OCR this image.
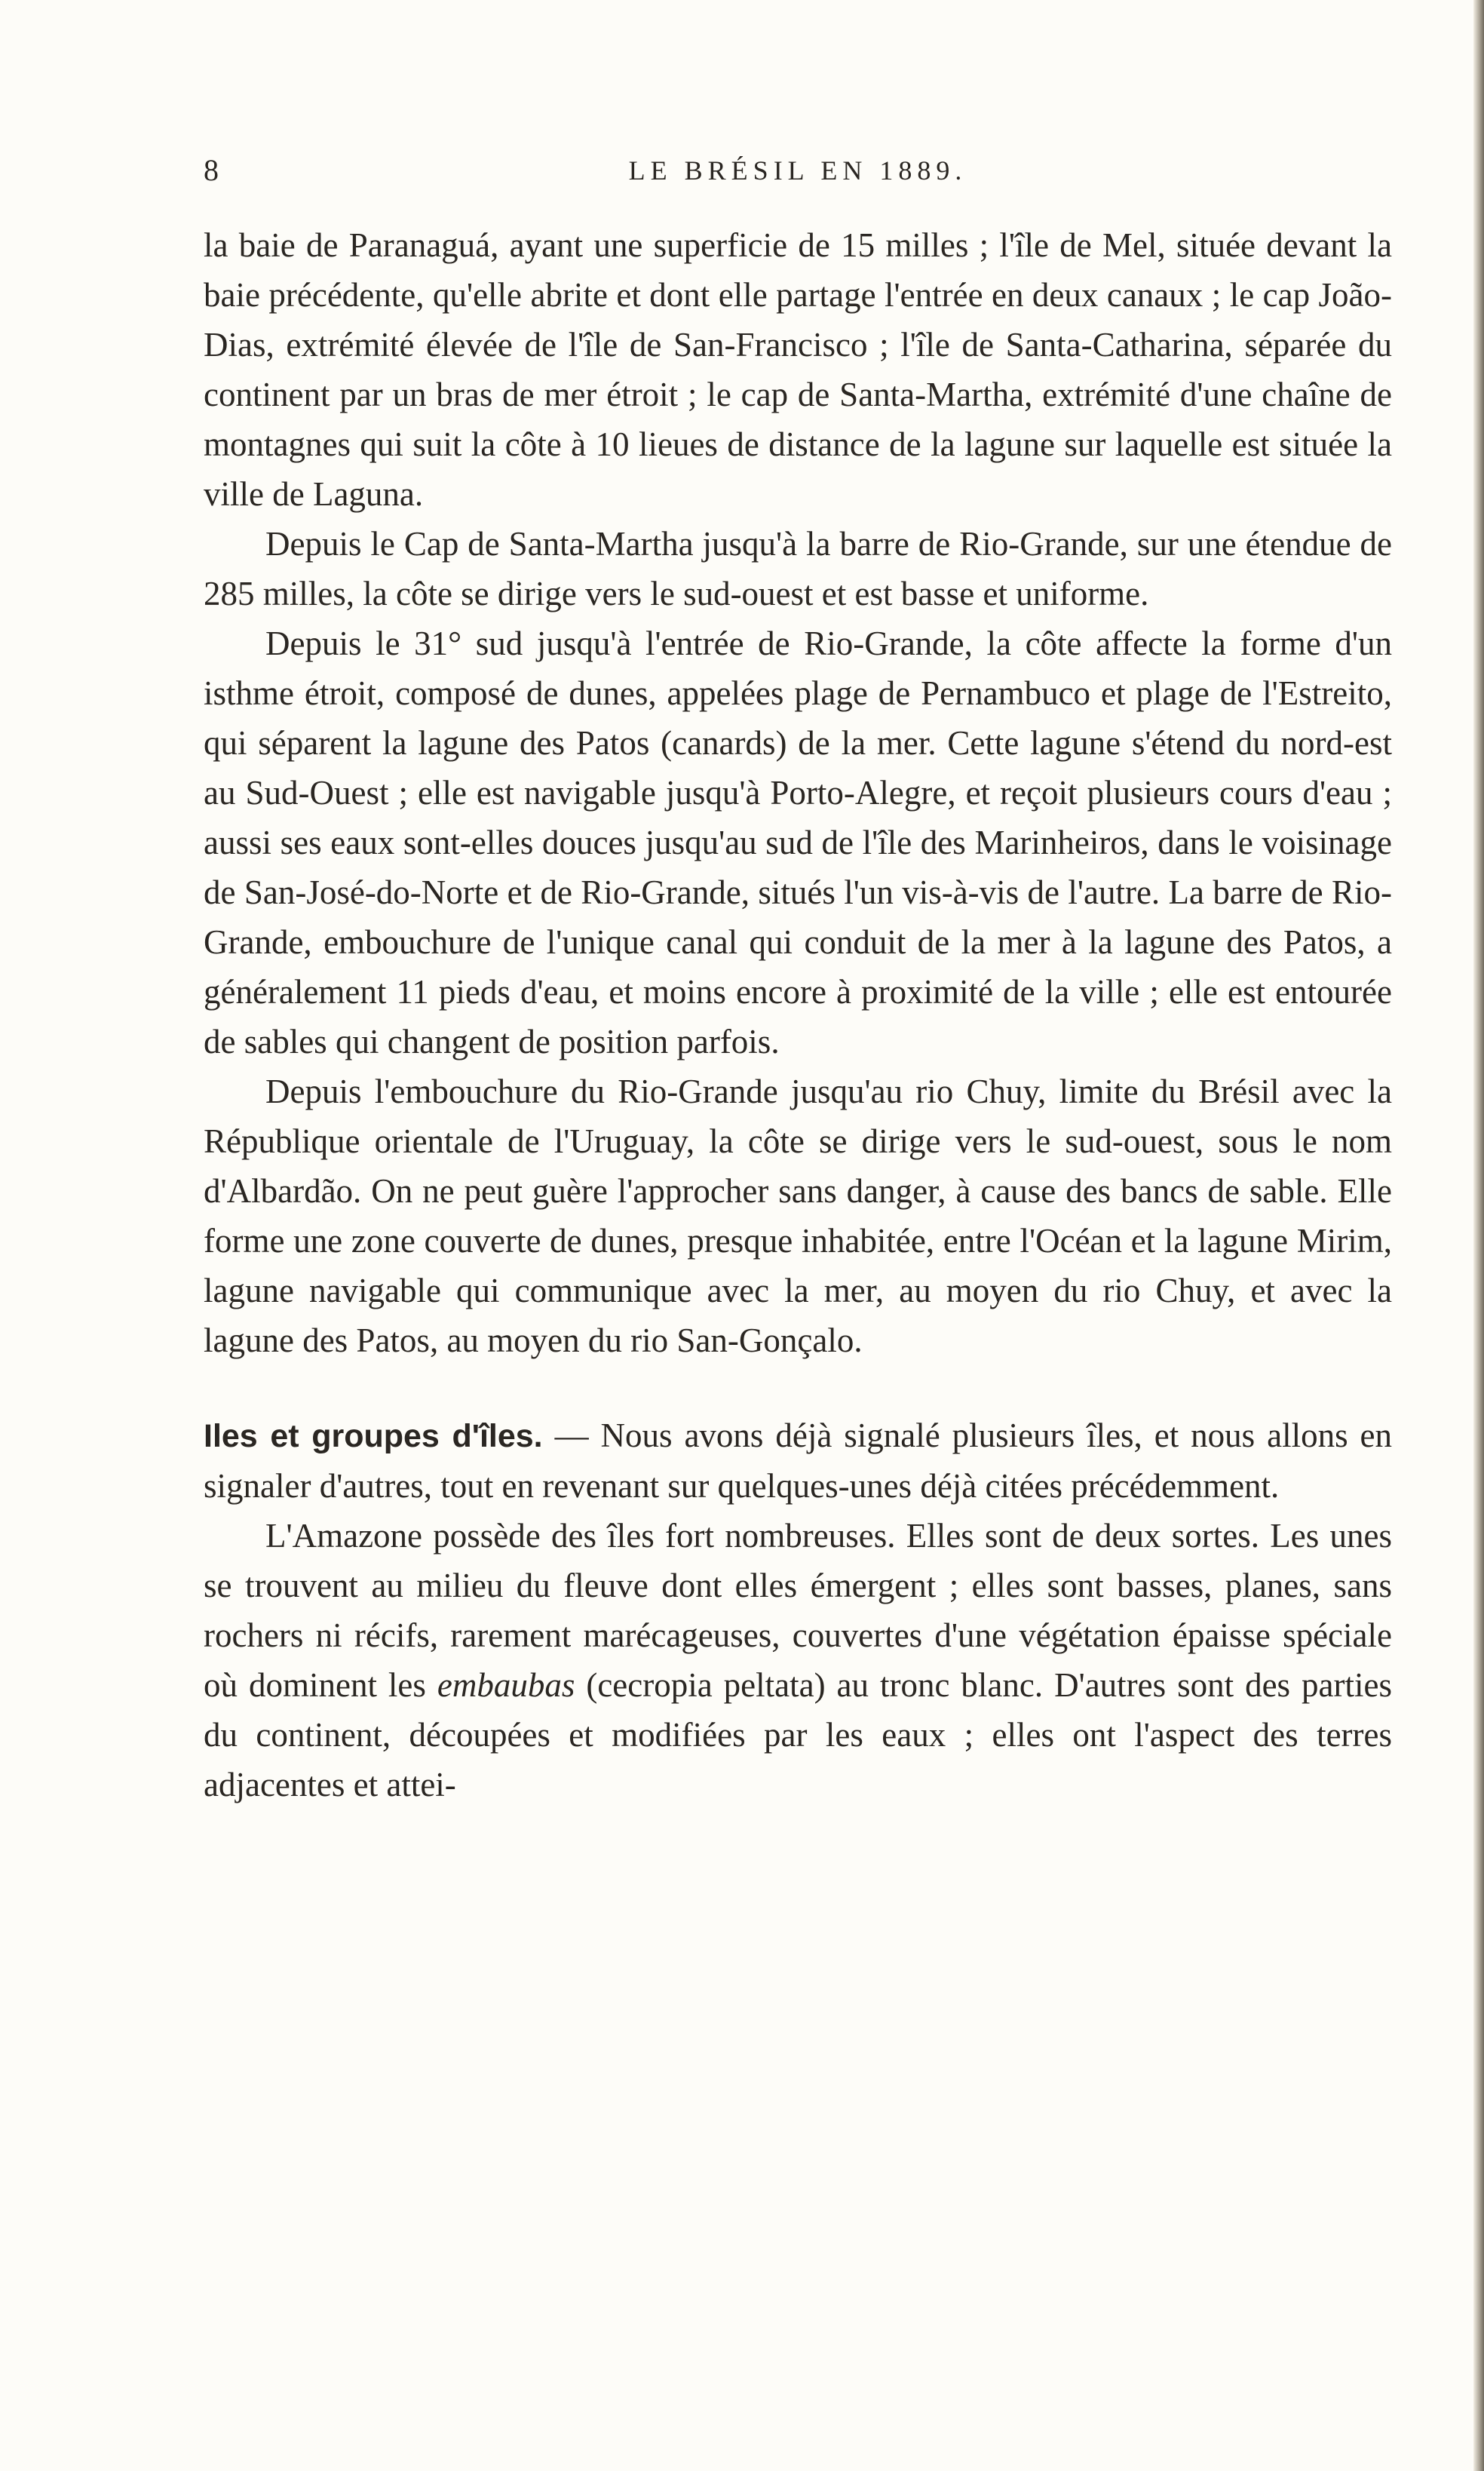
8	LE BRÉSIL EN 1889.

la baie de Paranaguá, ayant une superficie de 15 milles ; l'île de Mel, située devant la baie précédente, qu'elle abrite et dont elle partage l'entrée en deux canaux ; le cap João-Dias, extrémité élevée de l'île de San-Francisco ; l'île de Santa-Catharina, séparée du continent par un bras de mer étroit ; le cap de Santa-Martha, extrémité d'une chaîne de montagnes qui suit la côte à 10 lieues de distance de la lagune sur laquelle est située la ville de Laguna.

Depuis le Cap de Santa-Martha jusqu'à la barre de Rio-Grande, sur une étendue de 285 milles, la côte se dirige vers le sud-ouest et est basse et uniforme.

Depuis le 31° sud jusqu'à l'entrée de Rio-Grande, la côte affecte la forme d'un isthme étroit, composé de dunes, appelées plage de Pernambuco et plage de l'Estreito, qui séparent la lagune des Patos (canards) de la mer. Cette lagune s'étend du nord-est au Sud-Ouest ; elle est navigable jusqu'à Porto-Alegre, et reçoit plusieurs cours d'eau ; aussi ses eaux sont-elles douces jusqu'au sud de l'île des Marinheiros, dans le voisinage de San-José-do-Norte et de Rio-Grande, situés l'un vis-à-vis de l'autre. La barre de Rio-Grande, embouchure de l'unique canal qui conduit de la mer à la lagune des Patos, a généralement 11 pieds d'eau, et moins encore à proximité de la ville ; elle est entourée de sables qui changent de position parfois.

Depuis l'embouchure du Rio-Grande jusqu'au rio Chuy, limite du Brésil avec la République orientale de l'Uruguay, la côte se dirige vers le sud-ouest, sous le nom d'Albardão. On ne peut guère l'approcher sans danger, à cause des bancs de sable. Elle forme une zone couverte de dunes, presque inhabitée, entre l'Océan et la lagune Mirim, lagune navigable qui communique avec la mer, au moyen du rio Chuy, et avec la lagune des Patos, au moyen du rio San-Gonçalo.

Iles et groupes d'îles. — Nous avons déjà signalé plusieurs îles, et nous allons en signaler d'autres, tout en revenant sur quelques-unes déjà citées précédemment.

L'Amazone possède des îles fort nombreuses. Elles sont de deux sortes. Les unes se trouvent au milieu du fleuve dont elles émergent ; elles sont basses, planes, sans rochers ni récifs, rarement marécageuses, couvertes d'une végétation épaisse spéciale où dominent les embaubas (cecropia peltata) au tronc blanc. D'autres sont des parties du continent, découpées et modifiées par les eaux ; elles ont l'aspect des terres adjacentes et attei-
